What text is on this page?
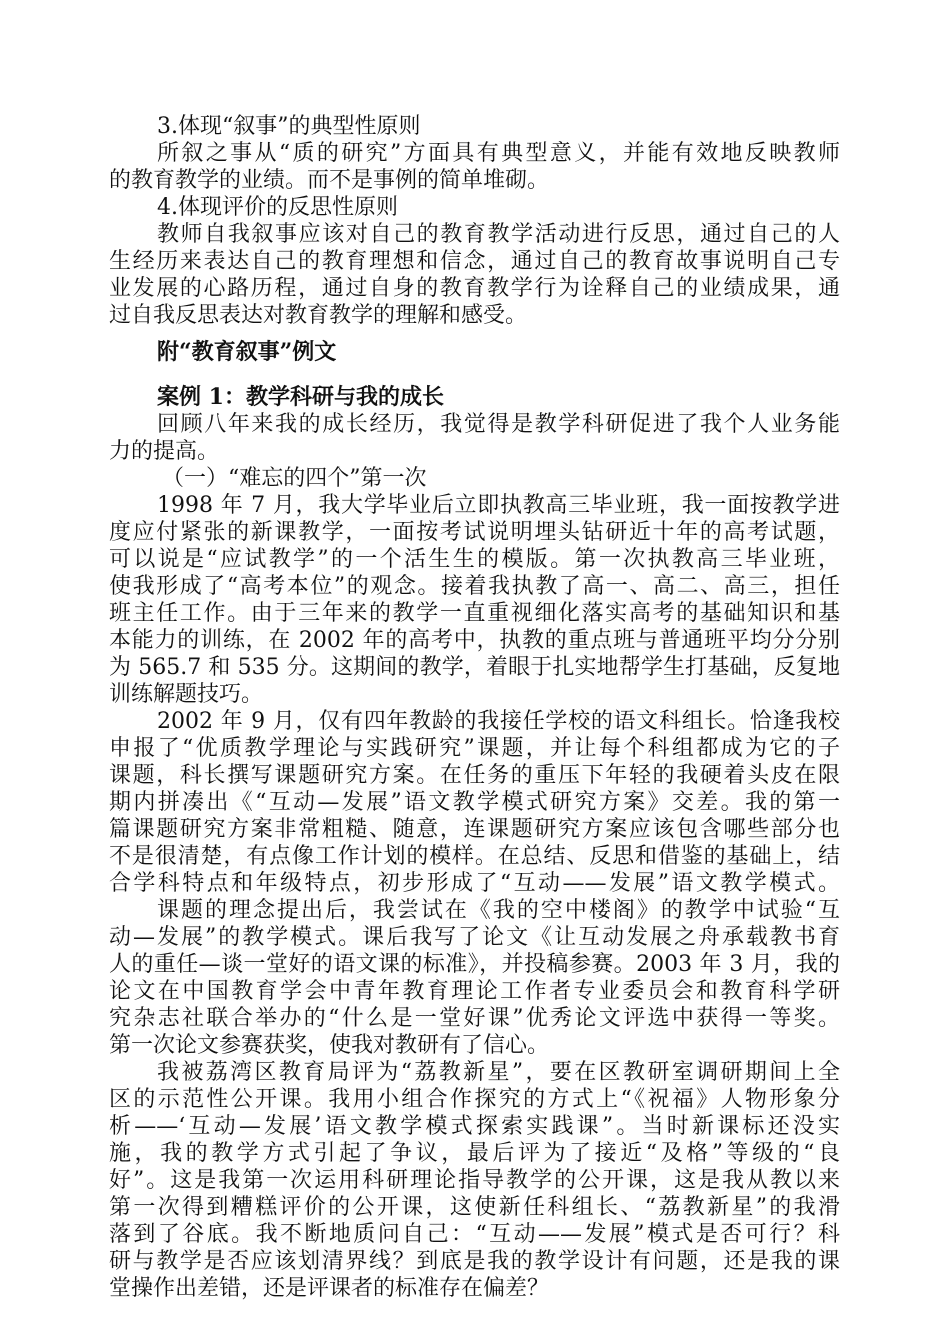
3.体现“叙事”的典型性原则
所叙之事从“质的研究”方面具有典型意义，并能有效地反映教师
的教育教学的业绩。而不是事例的简单堆砌。
4.体现评价的反思性原则
教师自我叙事应该对自己的教育教学活动进行反思，通过自己的人
生经历来表达自己的教育理想和信念，通过自己的教育故事说明自己专
业发展的心路历程，通过自身的教育教学行为诠释自己的业绩成果，通
过自我反思表达对教育教学的理解和感受。
附“教育叙事”例文
案例 1：教学科研与我的成长
回顾八年来我的成长经历，我觉得是教学科研促进了我个人业务能
力的提高。
（一）“难忘的四个”第一次
1998 年 7 月，我大学毕业后立即执教高三毕业班，我一面按教学进
度应付紧张的新课教学，一面按考试说明埋头钻研近十年的高考试题，
可以说是“应试教学”的一个活生生的模版。第一次执教高三毕业班，
使我形成了“高考本位”的观念。接着我执教了高一、高二、高三，担任
班主任工作。由于三年来的教学一直重视细化落实高考的基础知识和基
本能力的训练，在 2002 年的高考中，执教的重点班与普通班平均分分别
为 565.7 和 535 分。这期间的教学，着眼于扎实地帮学生打基础，反复地
训练解题技巧。
2002 年 9 月，仅有四年教龄的我接任学校的语文科组长。恰逢我校
申报了“优质教学理论与实践研究”课题，并让每个科组都成为它的子
课题，科长撰写课题研究方案。在任务的重压下年轻的我硬着头皮在限
期内拼凑出《“互动—发展”语文教学模式研究方案》交差。我的第一
篇课题研究方案非常粗糙、随意，连课题研究方案应该包含哪些部分也
不是很清楚，有点像工作计划的模样。在总结、反思和借鉴的基础上，结
合学科特点和年级特点，初步形成了“互动——发展”语文教学模式。
课题的理念提出后，我尝试在《我的空中楼阁》的教学中试验“互
动—发展”的教学模式。课后我写了论文《让互动发展之舟承载教书育
人的重任—谈一堂好的语文课的标准》，并投稿参赛。2003 年 3 月，我的
论文在中国教育学会中青年教育理论工作者专业委员会和教育科学研
究杂志社联合举办的“什么是一堂好课”优秀论文评选中获得一等奖。
第一次论文参赛获奖，使我对教研有了信心。
我被荔湾区教育局评为“荔教新星”，要在区教研室调研期间上全
区的示范性公开课。我用小组合作探究的方式上“《祝福》人物形象分
析——‘互动—发展’语文教学模式探索实践课”。当时新课标还没实
施，我的教学方式引起了争议，最后评为了接近“及格”等级的“良
好”。这是我第一次运用科研理论指导教学的公开课，这是我从教以来
第一次得到糟糕评价的公开课，这使新任科组长、“荔教新星”的我滑
落到了谷底。我不断地质问自己：“互动——发展”模式是否可行？科
研与教学是否应该划清界线？到底是我的教学设计有问题，还是我的课
堂操作出差错，还是评课者的标准存在偏差？
